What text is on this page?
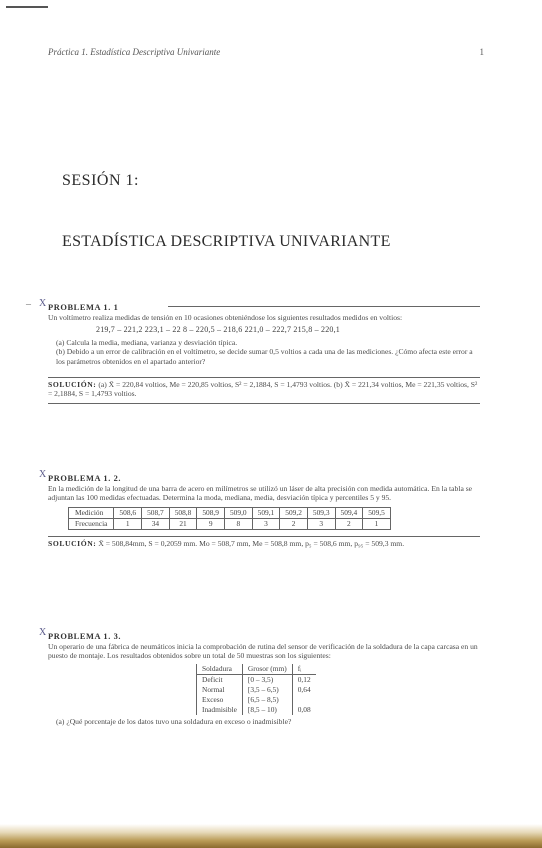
Práctica 1. Estadística Descriptiva Univariante	1
SESIÓN 1:
ESTADÍSTICA DESCRIPTIVA UNIVARIANTE
– X PROBLEMA 1. 1

Un voltímetro realiza medidas de tensión en 10 ocasiones obteniéndose los siguientes resultados medidos en voltios:

219,7 – 221,2 223,1 – 22 8 – 220,5 – 218,6 221,0 – 222,7 215,8 – 220,1

(a) Calcula la media, mediana, varianza y desviación típica.

(b) Debido a un error de calibración en el voltímetro, se decide sumar 0,5 voltios a cada una de las mediciones. ¿Cómo afecta este error a los parámetros obtenidos en el apartado anterior?

SOLUCIÓN: (a) X̄ = 220,84 voltios, Me = 220,85 voltios, S² = 2,1884, S = 1,4793 voltios. (b) X̄ = 221,34 voltios, Me = 221,35 voltios, S² = 2,1884, S = 1,4793 voltios.

X PROBLEMA 1. 2.

En la medición de la longitud de una barra de acero en milímetros se utilizó un láser de alta precisión con medida automática. En la tabla se adjuntan las 100 medidas efectuadas. Determina la moda, mediana, media, desviación típica y percentiles 5 y 95.

Medición	508,6	508,7	508,8	508,9	509,0	509,1	509,2	509,3	509,4	509,5
Frecuencia	1	34	21	9	8	3	2	3	2	1

SOLUCIÓN: X̄ = 508,84mm, S = 0,2059 mm. Mo = 508,7 mm, Me = 508,8 mm, p₅ = 508,6 mm, p₉₅ = 509,3 mm.

X PROBLEMA 1. 3.

Un operario de una fábrica de neumáticos inicia la comprobación de rutina del sensor de verificación de la soldadura de la capa carcasa en un puesto de montaje. Los resultados obtenidos sobre un total de 50 muestras son los siguientes:

Soldadura	Grosor (mm)	fᵢ
Deficit	[0 – 3,5)	0,12
Normal	[3,5 – 6,5)	0,64
Exceso	[6,5 – 8,5)	
Inadmisible	[8,5 – 10)	0,08

(a) ¿Qué porcentaje de los datos tuvo una soldadura en exceso o inadmisible?
